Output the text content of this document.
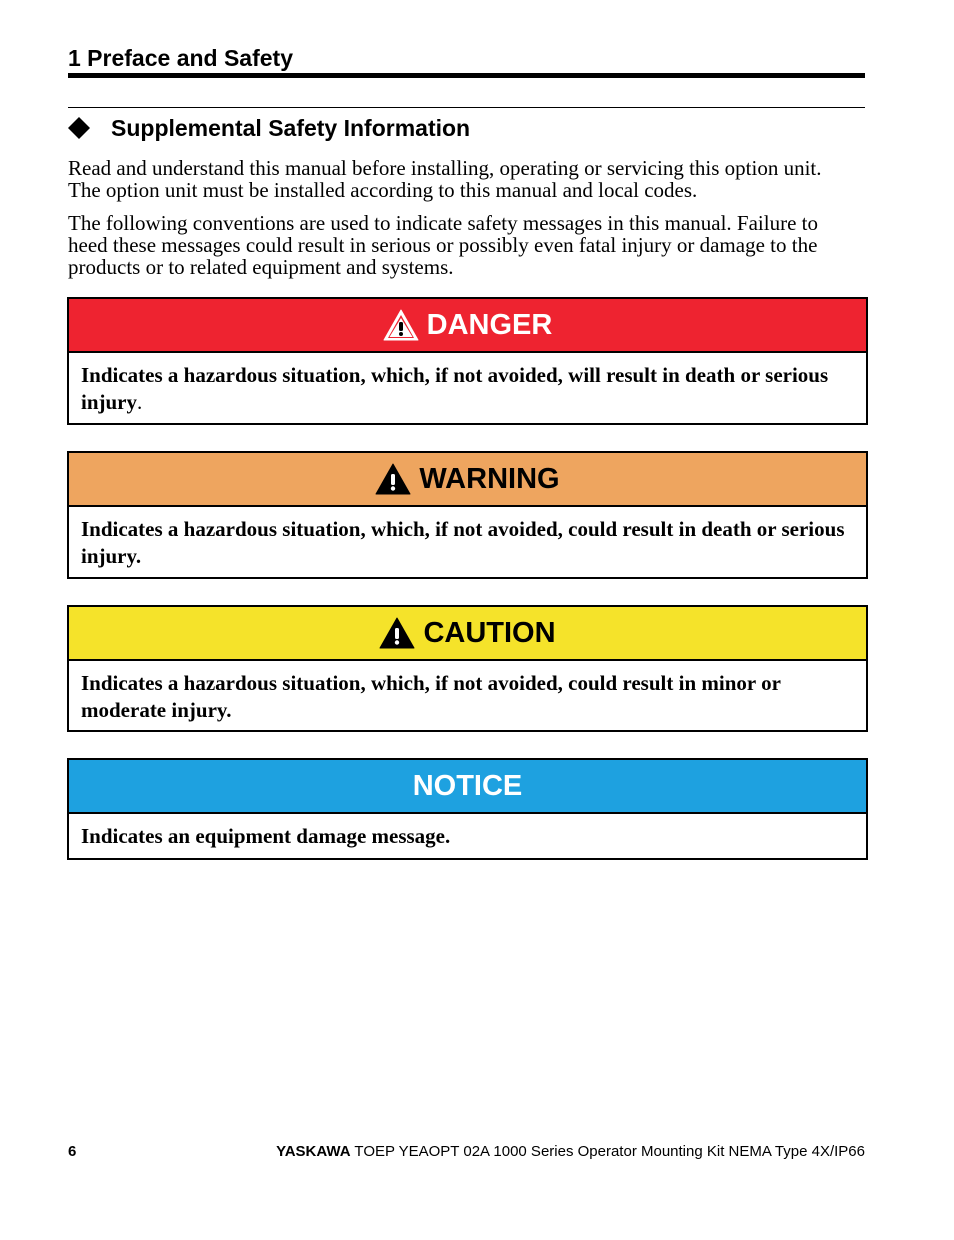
1 Preface and Safety
Supplemental Safety Information

Read and understand this manual before installing, operating or servicing this option unit.
The option unit must be installed according to this manual and local codes.

The following conventions are used to indicate safety messages in this manual. Failure to
heed these messages could result in serious or possibly even fatal injury or damage to the
products or to related equipment and systems.

DANGER
Indicates a hazardous situation, which, if not avoided, will result in death or serious injury.
WARNING
Indicates a hazardous situation, which, if not avoided, could result in death or serious injury.
CAUTION
Indicates a hazardous situation, which, if not avoided, could result in minor or moderate injury.
NOTICE
Indicates an equipment damage message.
6	YASKAWA TOEP YEAOPT 02A 1000 Series Operator Mounting Kit NEMA Type 4X/IP66
